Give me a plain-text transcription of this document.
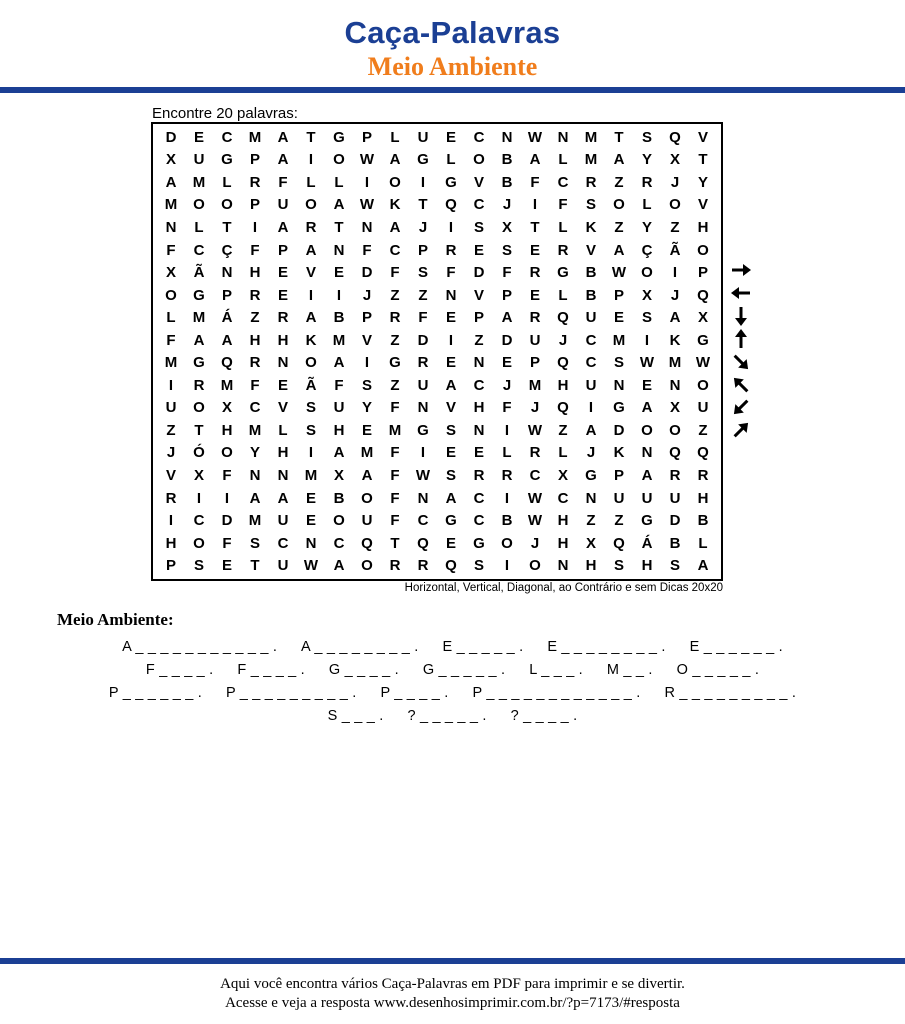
Caça-Palavras
Meio Ambiente
Encontre 20 palavras:
D	E	C	M	A	T	G	P	L	U	E	C	N	W	N	M	T	S	Q	V
X	U	G	P	A	I	O	W	A	G	L	O	B	A	L	M	A	Y	X	T
A	M	L	R	F	L	L	I	O	I	G	V	B	F	C	R	Z	R	J	Y
M	O	O	P	U	O	A	W	K	T	Q	C	J	I	F	S	O	L	O	V
N	L	T	I	A	R	T	N	A	J	I	S	X	T	L	K	Z	Y	Z	H
F	C	Ç	F	P	A	N	F	C	P	R	E	S	E	R	V	A	Ç	Ã	O
X	Ã	N	H	E	V	E	D	F	S	F	D	F	R	G	B	W	O	I	P
O	G	P	R	E	I	I	J	Z	Z	N	V	P	E	L	B	P	X	J	Q
L	M	Á	Z	R	A	B	P	R	F	E	P	A	R	Q	U	E	S	A	X
F	A	A	H	H	K	M	V	Z	D	I	Z	D	U	J	C	M	I	K	G
M	G	Q	R	N	O	A	I	G	R	E	N	E	P	Q	C	S	W M W
I	R	M	F	E	Ã	F	S	Z	U	A	C	J	M	H	U	N	E	N	O
U	O	X	C	V	S	U	Y	F	N	V	H	F	J	Q	I	G	A	X	U
Z	T	H	M	L	S	H	E	M	G	S	N	I	W	Z	A	D	O	O	Z
J	Ó	O	Y	H	I	A	M	F	I	E	E	L	R	L	J	K	N	Q	Q
V	X	F	N	N	M	X	A	F	W	S	R	R	C	X	G	P	A	R	R
R	I	I	A	A	E	B	O	F	N	A	C	I	W	C	N	U	U	U	H
I	C	D	M	U	E	O	U	F	C	G	C	B	W	H	Z	Z	G	D	B
H	O	F	S	C	N	C	Q	T	Q	E	G	O	J	H	X	Q	Á	B	L
P	S	E	T	U	W	A	O	R	R	Q	S	I	O	N	H	S	H	S	A
Horizontal, Vertical, Diagonal, ao Contrário e sem Dicas 20x20
Meio Ambiente:
A _ _ _ _ _ _ _ _ _ _ _ . A _ _ _ _ _ _ _ _ . E _ _ _ _ _ . E _ _ _ _ _ _ _ _ . E _ _ _ _ _ _ .
F _ _ _ _ . F _ _ _ _ . G _ _ _ _ . G _ _ _ _ _ . L _ _ _ . M _ _ . O _ _ _ _ _ .
P _ _ _ _ _ _ . P _ _ _ _ _ _ _ _ _ . P _ _ _ _ . P _ _ _ _ _ _ _ _ _ _ _ _ . R _ _ _ _ _ _ _ _ _ .
S _ _ _ . ? _ _ _ _ _ . ? _ _ _ _ .
Aqui você encontra vários Caça-Palavras em PDF para imprimir e se divertir.
Acesse e veja a resposta www.desenhosimprimir.com.br/?p=7173/#resposta
